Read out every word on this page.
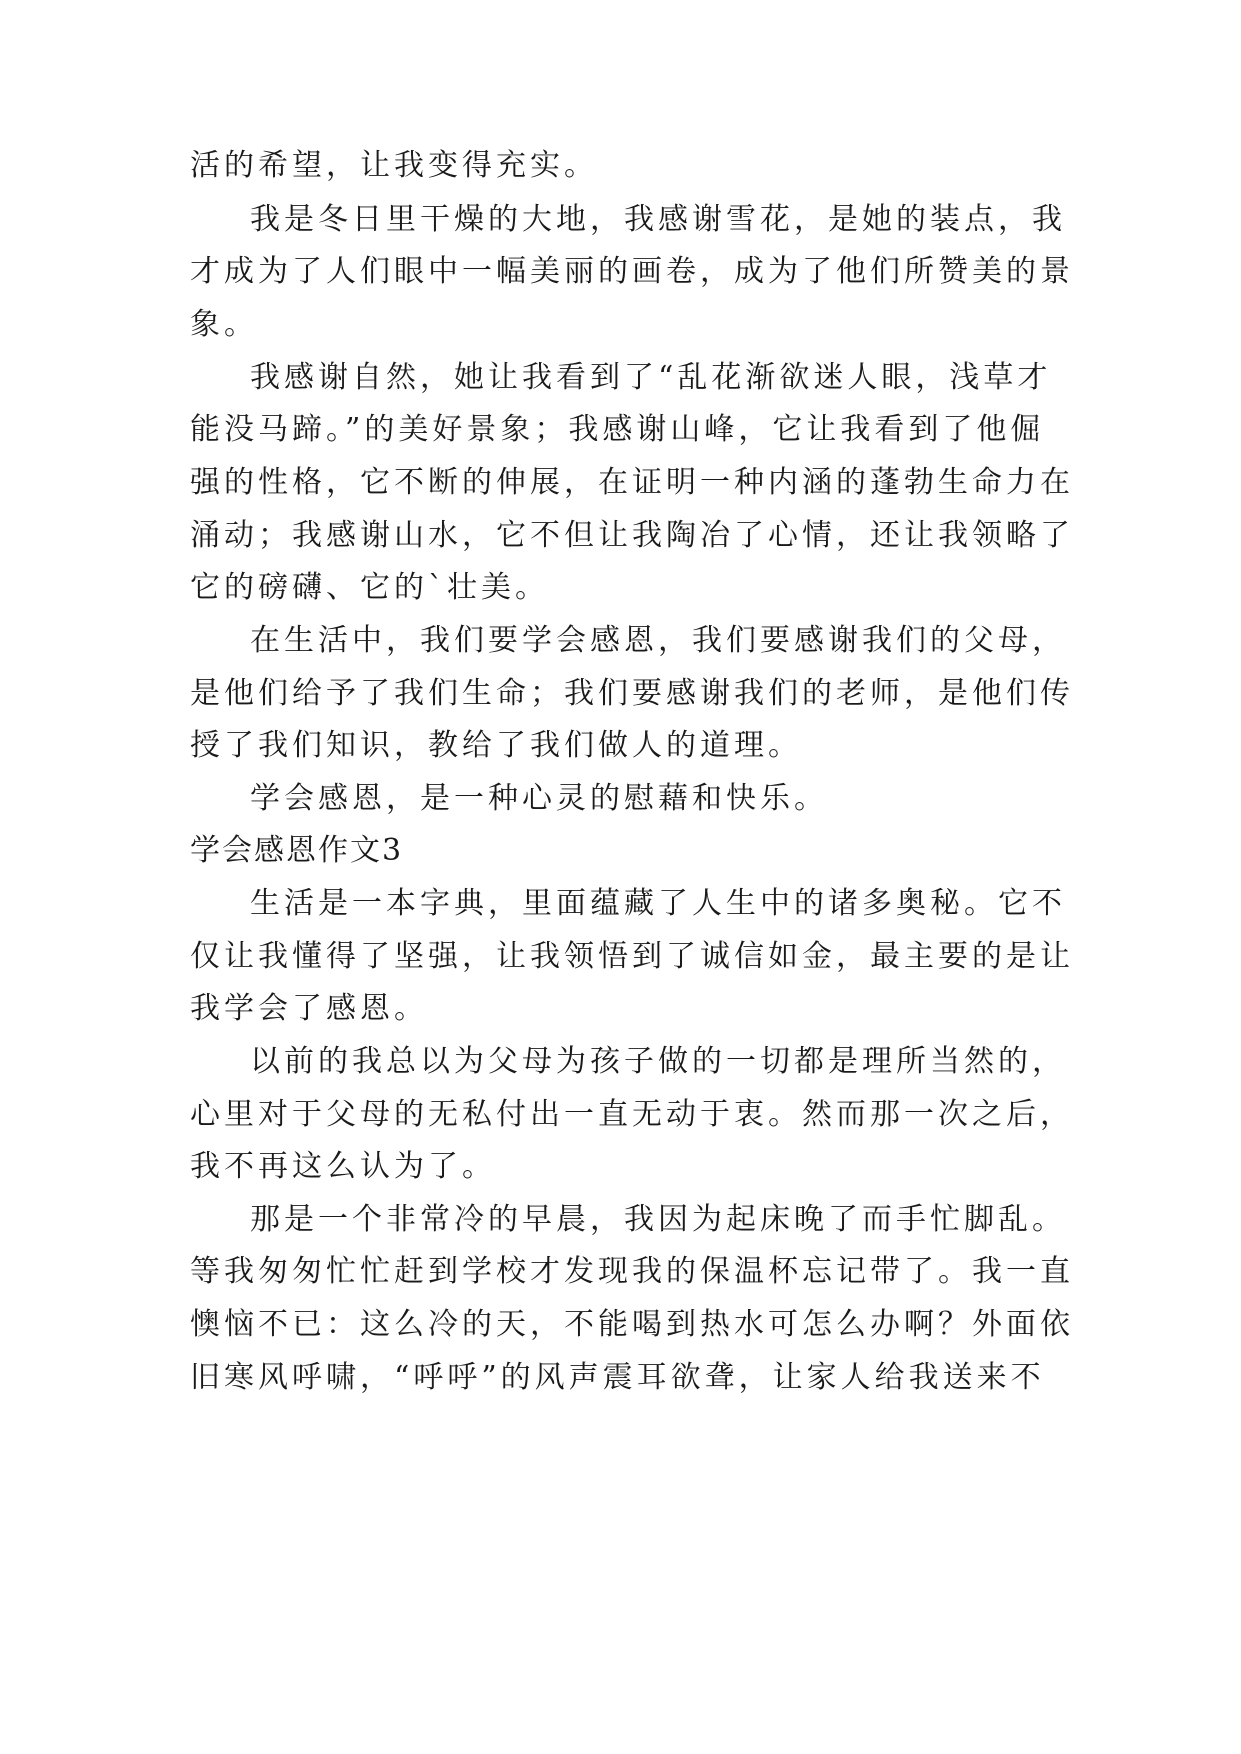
活的希望，让我变得充实。
我是冬日里干燥的大地，我感谢雪花，是她的装点，我
才成为了人们眼中一幅美丽的画卷，成为了他们所赞美的景
象。
我感谢自然，她让我看到了“乱花渐欲迷人眼，浅草才
能没马蹄。”的美好景象；我感谢山峰，它让我看到了他倔
强的性格，它不断的伸展，在证明一种内涵的蓬勃生命力在
涌动；我感谢山水，它不但让我陶冶了心情，还让我领略了
它的磅礴、它的`壮美。
在生活中，我们要学会感恩，我们要感谢我们的父母，
是他们给予了我们生命；我们要感谢我们的老师，是他们传
授了我们知识，教给了我们做人的道理。
学会感恩，是一种心灵的慰藉和快乐。
学会感恩作文3
生活是一本字典，里面蕴藏了人生中的诸多奥秘。它不
仅让我懂得了坚强，让我领悟到了诚信如金，最主要的是让
我学会了感恩。
以前的我总以为父母为孩子做的一切都是理所当然的，
心里对于父母的无私付出一直无动于衷。然而那一次之后，
我不再这么认为了。
那是一个非常冷的早晨，我因为起床晚了而手忙脚乱。
等我匆匆忙忙赶到学校才发现我的保温杯忘记带了。我一直
懊恼不已：这么冷的天，不能喝到热水可怎么办啊？外面依
旧寒风呼啸，“呼呼”的风声震耳欲聋，让家人给我送来不
